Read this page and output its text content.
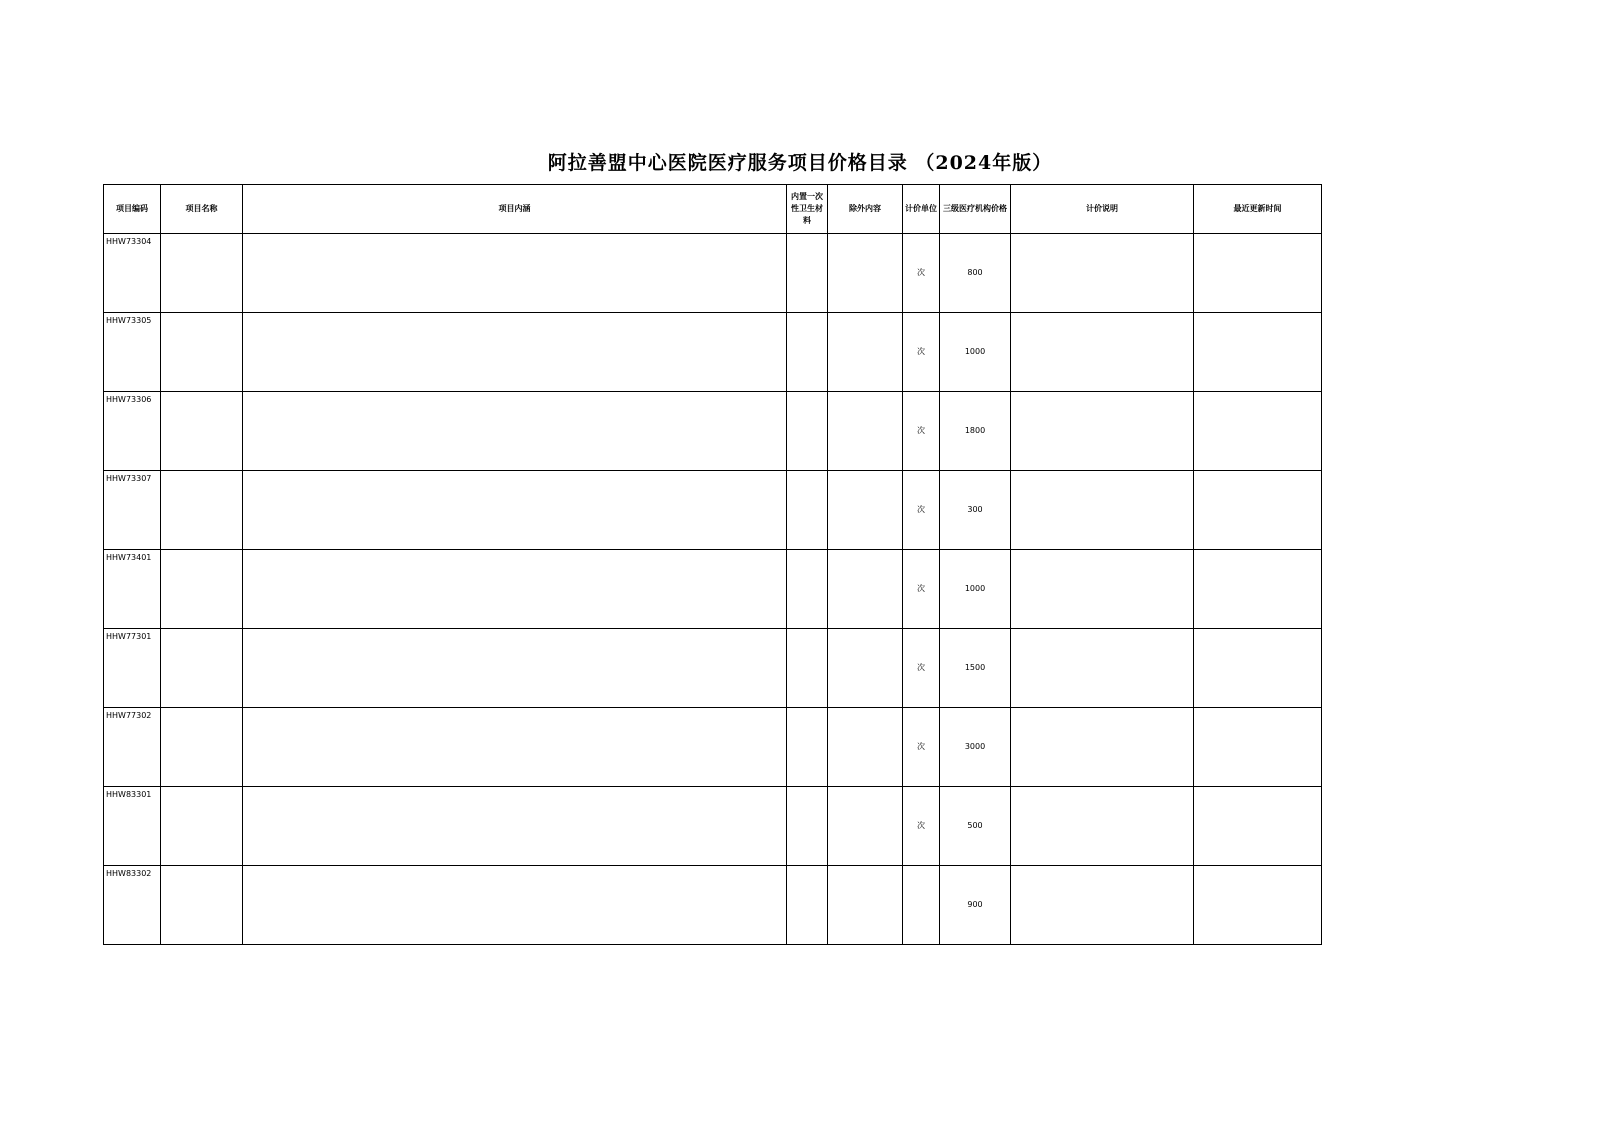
阿拉善盟中心医院医疗服务项目价格目录 （2024年版）
项目编码	项目名称	项目内涵	内置一次性卫生材料	除外内容	计价单位	三级医疗机构价格	计价说明	最近更新时间
HHW73304					次	800		
HHW73305					次	1000		
HHW73306					次	1800		
HHW73307					次	300		
HHW73401					次	1000		
HHW77301					次	1500		
HHW77302					次	3000		
HHW83301					次	500		
HHW83302						900		
